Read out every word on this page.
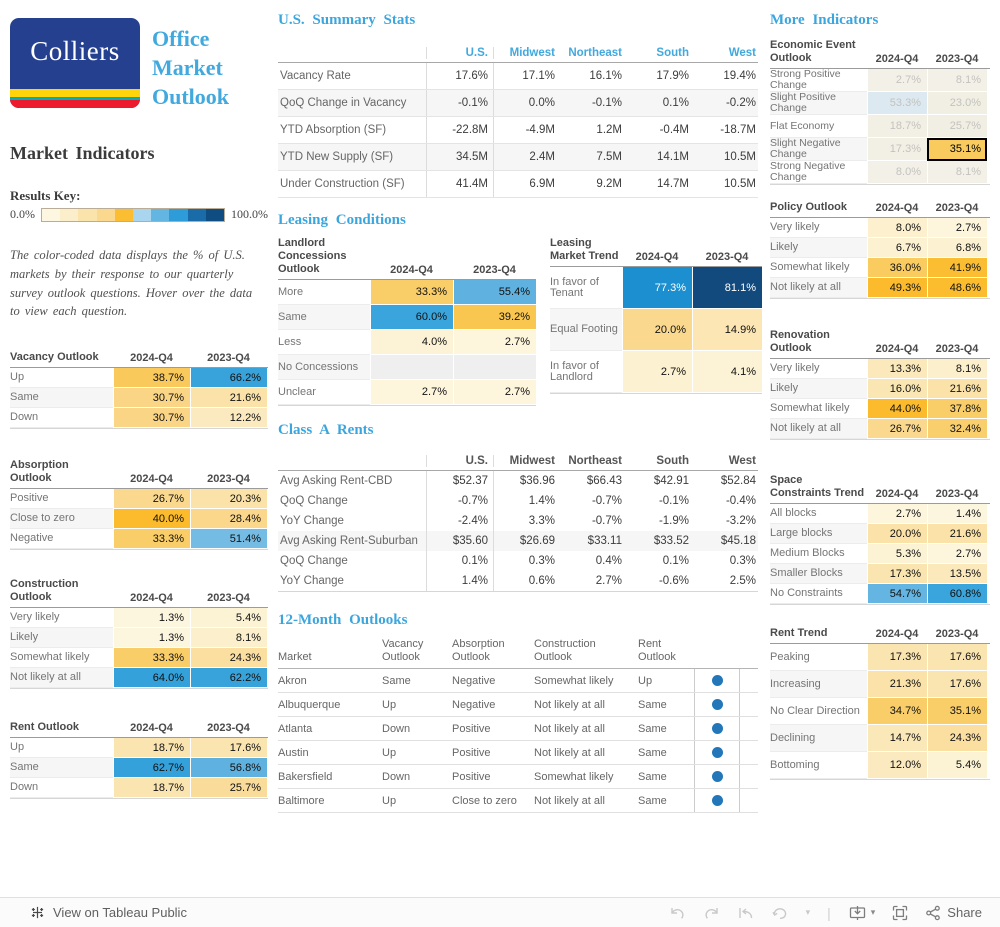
Colliers	Office
Market
Outlook
Market Indicators
Results Key:
0.0%	100.0%

The color-coded data displays the % of U.S. markets by their response to our quarterly survey outlook questions. Hover over the data to view each question.

Vacancy Outlook	2024-Q4	2023-Q4
Up	38.7%	66.2%
Same	30.7%	21.6%
Down	30.7%	12.2%
Absorption
Outlook	2024-Q4	2023-Q4
Positive	26.7%	20.3%
Close to zero	40.0%	28.4%
Negative	33.3%	51.4%
Construction
Outlook	2024-Q4	2023-Q4
Very likely	1.3%	5.4%
Likely	1.3%	8.1%
Somewhat likely	33.3%	24.3%
Not likely at all	64.0%	62.2%
Rent Outlook	2024-Q4	2023-Q4
Up	18.7%	17.6%
Same	62.7%	56.8%
Down	18.7%	25.7%
U.S. Summary Stats
U.S.	Midwest	Northeast	South	West
Vacancy Rate	17.6%	17.1%	16.1%	17.9%	19.4%
QoQ Change in Vacancy	-0.1%	0.0%	-0.1%	0.1%	-0.2%
YTD Absorption (SF)	-22.8M	-4.9M	1.2M	-0.4M	-18.7M
YTD New Supply (SF)	34.5M	2.4M	7.5M	14.1M	10.5M
Under Construction (SF)	41.4M	6.9M	9.2M	14.7M	10.5M
Leasing Conditions
Landlord
Concessions
Outlook	2024-Q4	2023-Q4
More	33.3%	55.4%
Same	60.0%	39.2%
Less	4.0%	2.7%
No Concessions
Unclear	2.7%	2.7%
Leasing
Market Trend	2024-Q4	2023-Q4
In favor of Tenant	77.3%	81.1%
Equal Footing	20.0%	14.9%
In favor of Landlord	2.7%	4.1%
Class A Rents
U.S.	Midwest	Northeast	South	West
Avg Asking Rent-CBD	$52.37	$36.96	$66.43	$42.91	$52.84
QoQ Change	-0.7%	1.4%	-0.7%	-0.1%	-0.4%
YoY Change	-2.4%	3.3%	-0.7%	-1.9%	-3.2%
Avg Asking Rent-Suburban	$35.60	$26.69	$33.11	$33.52	$45.18
QoQ Change	0.1%	0.3%	0.4%	0.1%	0.3%
YoY Change	1.4%	0.6%	2.7%	-0.6%	2.5%
12-Month Outlooks
Market
Vacancy Outlook
Absorption Outlook
Construction Outlook
Rent Outlook
Akron	Same	Negative	Somewhat likely	Up
Albuquerque	Up	Negative	Not likely at all	Same
Atlanta	Down	Positive	Not likely at all	Same
Austin	Up	Positive	Not likely at all	Same
Bakersfield	Down	Positive	Somewhat likely	Same
Baltimore	Up	Close to zero	Not likely at all	Same
More Indicators
Economic Event
Outlook	2024-Q4	2023-Q4
Strong Positive Change	2.7%	8.1%
Slight Positive Change	53.3%	23.0%
Flat Economy	18.7%	25.7%
Slight Negative Change	17.3%	35.1%
Strong Negative Change	8.0%	8.1%
Policy Outlook	2024-Q4	2023-Q4
Very likely	8.0%	2.7%
Likely	6.7%	6.8%
Somewhat likely	36.0%	41.9%
Not likely at all	49.3%	48.6%
Renovation
Outlook	2024-Q4	2023-Q4
Very likely	13.3%	8.1%
Likely	16.0%	21.6%
Somewhat likely	44.0%	37.8%
Not likely at all	26.7%	32.4%
Space
Constraints Trend	2024-Q4	2023-Q4
All blocks	2.7%	1.4%
Large blocks	20.0%	21.6%
Medium Blocks	5.3%	2.7%
Smaller Blocks	17.3%	13.5%
No Constraints	54.7%	60.8%
Rent Trend	2024-Q4	2023-Q4
Peaking	17.3%	17.6%
Increasing	21.3%	17.6%
No Clear Direction	34.7%	35.1%
Declining	14.7%	24.3%
Bottoming	12.0%	5.4%
View on Tableau Public	▾ |	▾	Share
